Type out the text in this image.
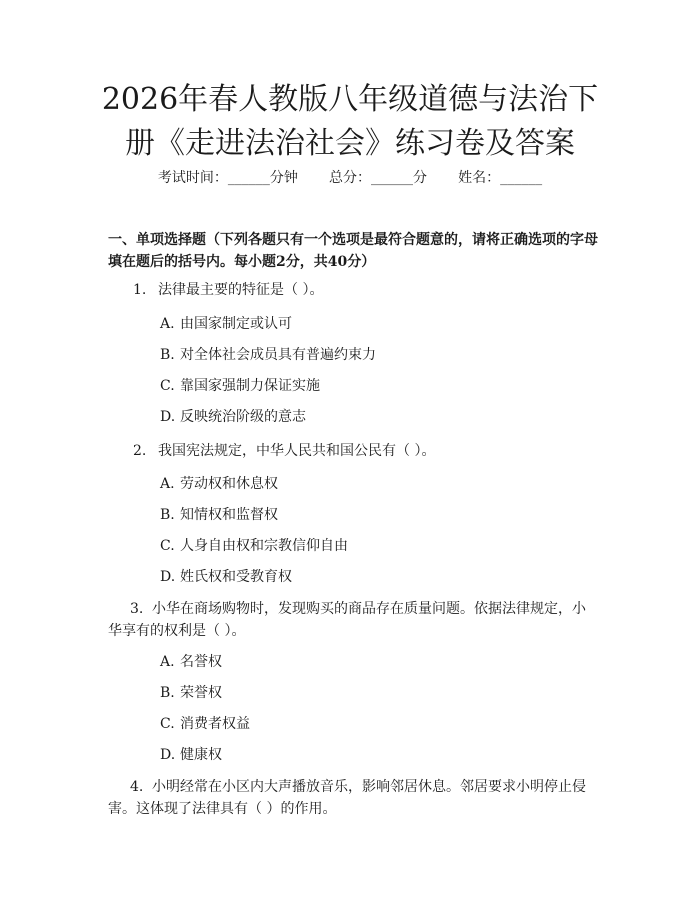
2026年春人教版八年级道德与法治下册《走进法治社会》练习卷及答案
考试时间：______分钟 总分：______分 姓名：______
一、单项选择题（下列各题只有一个选项是最符合题意的，请将正确选项的字母填在题后的括号内。每小题2分，共40分）
1. 法律最主要的特征是（ ）。
A. 由国家制定或认可
B. 对全体社会成员具有普遍约束力
C. 靠国家强制力保证实施
D. 反映统治阶级的意志
2. 我国宪法规定，中华人民共和国公民有（ ）。
A. 劳动权和休息权
B. 知情权和监督权
C. 人身自由权和宗教信仰自由
D. 姓氏权和受教育权
3. 小华在商场购物时，发现购买的商品存在质量问题。依据法律规定，小华享有的权利是（ ）。
A. 名誉权
B. 荣誉权
C. 消费者权益
D. 健康权
4. 小明经常在小区内大声播放音乐，影响邻居休息。邻居要求小明停止侵害。这体现了法律具有（ ）的作用。
